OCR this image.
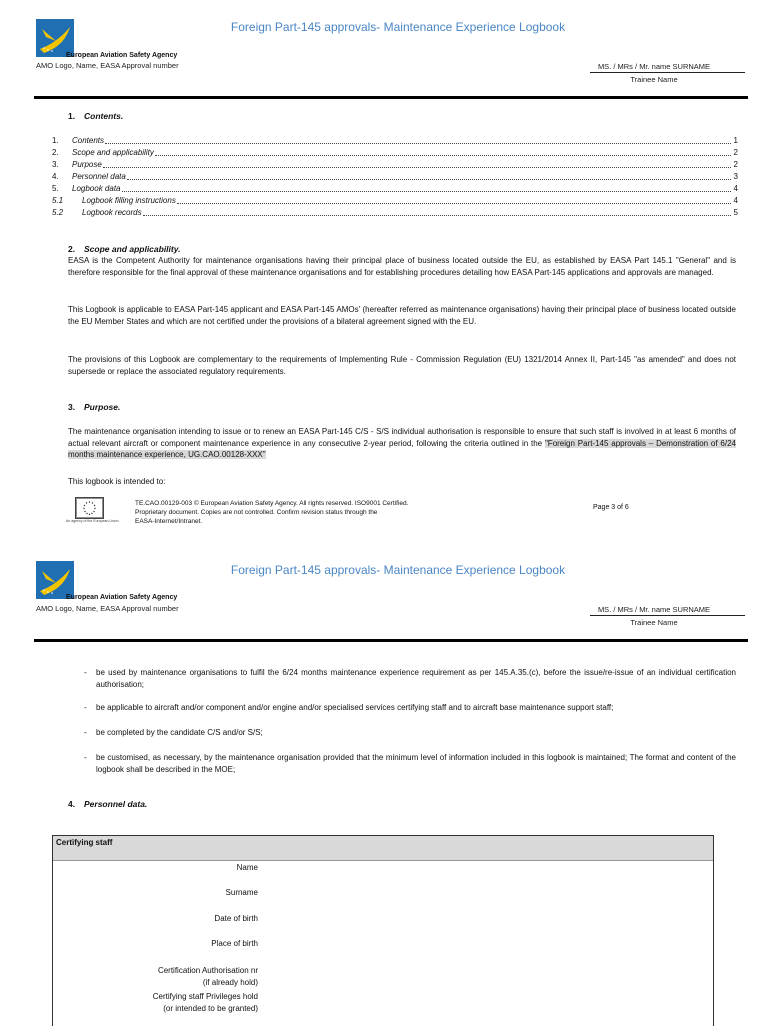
European Aviation Safety Agency
AMO Logo, Name, EASA Approval number
Foreign Part-145 approvals- Maintenance Experience Logbook
MS. / MRs / Mr. name SURNAME
Trainee Name
1. Contents.
1.	Contents	1
2.	Scope and applicability	2
3.	Purpose	2
4.	Personnel data	3
5.	Logbook data	4
5.1	Logbook filling instructions	4
5.2	Logbook records	5
2. Scope and applicability.
EASA is the Competent Authority for maintenance organisations having their principal place of business located outside the EU, as established by EASA Part 145.1 "General" and is therefore responsible for the final approval of these maintenance organisations and for establishing procedures detailing how EASA Part-145 applications and approvals are managed.
This Logbook is applicable to EASA Part-145 applicant and EASA Part-145 AMOs' (hereafter referred as maintenance organisations) having their principal place of business located outside the EU Member States and which are not certified under the provisions of a bilateral agreement signed with the EU.
The provisions of this Logbook are complementary to the requirements of Implementing Rule - Commission Regulation (EU) 1321/2014 Annex II, Part-145 "as amended" and does not supersede or replace the associated regulatory requirements.
3. Purpose.
The maintenance organisation intending to issue or to renew an EASA Part-145 C/S - S/S individual authorisation is responsible to ensure that such staff is involved in at least 6 months of actual relevant aircraft or component maintenance experience in any consecutive 2-year period, following the criteria outlined in the "Foreign Part-145 approvals – Demonstration of 6/24 months maintenance experience, UG.CAO.00128-XXX"
This logbook is intended to:
An agency of the European Union
TE.CAO.00129-003 © European Aviation Safety Agency. All rights reserved. ISO9001 Certified.
Proprietary document. Copies are not controlled. Confirm revision status through the
EASA-Internet/Intranet.
Page 3 of 6
European Aviation Safety Agency
AMO Logo, Name, EASA Approval number
Foreign Part-145 approvals- Maintenance Experience Logbook
MS. / MRs / Mr. name SURNAME
Trainee Name
- be used by maintenance organisations to fulfil the 6/24 months maintenance experience requirement as per 145.A.35.(c), before the issue/re-issue of an individual certification authorisation;
- be applicable to aircraft and/or component and/or engine and/or specialised services certifying staff and to aircraft base maintenance support staff;
- be completed by the candidate C/S and/or S/S;
- be customised, as necessary, by the maintenance organisation provided that the minimum level of information included in this logbook is maintained; The format and content of the logbook shall be described in the MOE;
4. Personnel data.
Certifying staff
Name
Surname
Date of birth
Place of birth
Certification Authorisation nr
(if already hold)
Certifying staff Privileges hold
(or intended to be granted)
